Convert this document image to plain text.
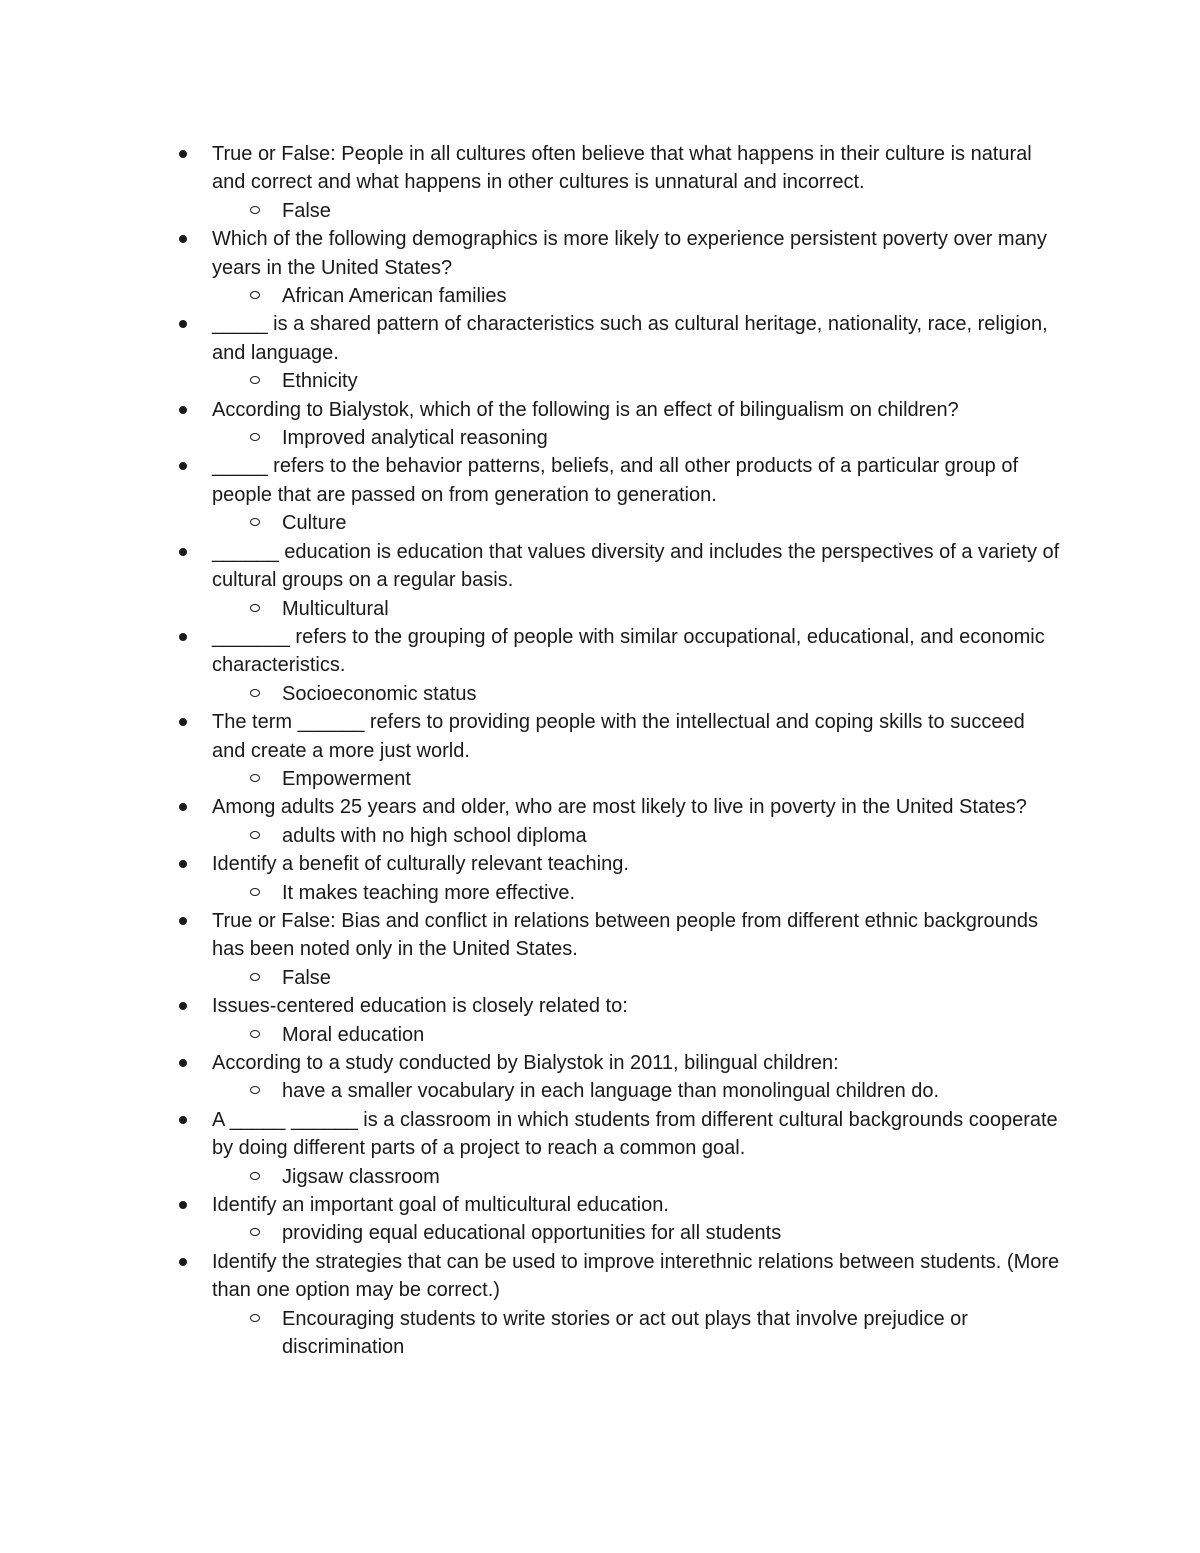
True or False: People in all cultures often believe that what happens in their culture is natural and correct and what happens in other cultures is unnatural and incorrect.
False
Which of the following demographics is more likely to experience persistent poverty over many years in the United States?
African American families
_____ is a shared pattern of characteristics such as cultural heritage, nationality, race, religion, and language.
Ethnicity
According to Bialystok, which of the following is an effect of bilingualism on children?
Improved analytical reasoning
_____ refers to the behavior patterns, beliefs, and all other products of a particular group of people that are passed on from generation to generation.
Culture
______ education is education that values diversity and includes the perspectives of a variety of cultural groups on a regular basis.
Multicultural
_______ refers to the grouping of people with similar occupational, educational, and economic characteristics.
Socioeconomic status
The term ______ refers to providing people with the intellectual and coping skills to succeed and create a more just world.
Empowerment
Among adults 25 years and older, who are most likely to live in poverty in the United States?
adults with no high school diploma
Identify a benefit of culturally relevant teaching.
It makes teaching more effective.
True or False: Bias and conflict in relations between people from different ethnic backgrounds has been noted only in the United States.
False
Issues-centered education is closely related to:
Moral education
According to a study conducted by Bialystok in 2011, bilingual children:
have a smaller vocabulary in each language than monolingual children do.
A _____ ______ is a classroom in which students from different cultural backgrounds cooperate by doing different parts of a project to reach a common goal.
Jigsaw classroom
Identify an important goal of multicultural education.
providing equal educational opportunities for all students
Identify the strategies that can be used to improve interethnic relations between students. (More than one option may be correct.)
Encouraging students to write stories or act out plays that involve prejudice or discrimination
